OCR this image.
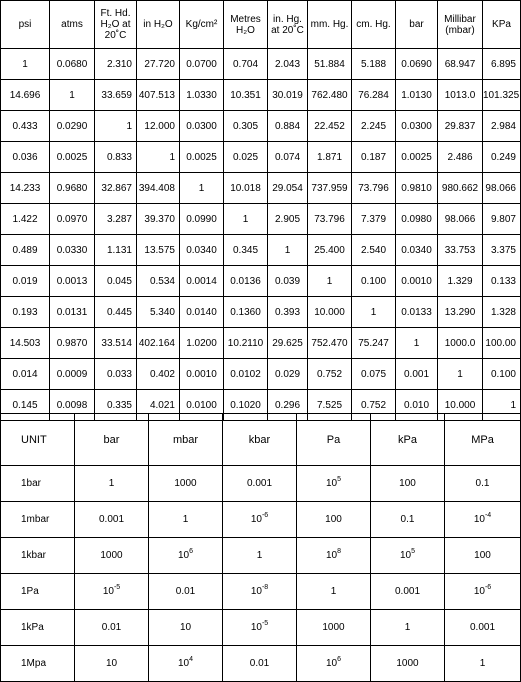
psi	atms	Ft. Hd. H₂O at 20˚C	in H₂O	Kg/cm²	Metres H₂O	in. Hg. at 20˚C	mm. Hg.	cm. Hg.	bar	Millibar (mbar)	KPa
1	0.0680	2.310	27.720	0.0700	0.704	2.043	51.884	5.188	0.0690	68.947	6.895
14.696	1	33.659	407.513	1.0330	10.351	30.019	762.480	76.284	1.0130	1013.0	101.325
0.433	0.0290	1	12.000	0.0300	0.305	0.884	22.452	2.245	0.0300	29.837	2.984
0.036	0.0025	0.833	1	0.0025	0.025	0.074	1.871	0.187	0.0025	2.486	0.249
14.233	0.9680	32.867	394.408	1	10.018	29.054	737.959	73.796	0.9810	980.662	98.066
1.422	0.0970	3.287	39.370	0.0990	1	2.905	73.796	7.379	0.0980	98.066	9.807
0.489	0.0330	1.131	13.575	0.0340	0.345	1	25.400	2.540	0.0340	33.753	3.375
0.019	0.0013	0.045	0.534	0.0014	0.0136	0.039	1	0.100	0.0010	1.329	0.133
0.193	0.0131	0.445	5.340	0.0140	0.1360	0.393	10.000	1	0.0133	13.290	1.328
14.503	0.9870	33.514	402.164	1.0200	10.2110	29.625	752.470	75.247	1	1000.0	100.00
0.014	0.0009	0.033	0.402	0.0010	0.0102	0.029	0.752	0.075	0.001	1	0.100
0.145	0.0098	0.335	4.021	0.0100	0.1020	0.296	7.525	0.752	0.010	10.000	1
UNIT	bar	mbar	kbar	Pa	kPa	MPa
1bar	1	1000	0.001	$10^5$	100	0.1
1mbar	0.001	1	$10^{-6}$	100	0.1	$10^{-4}$
1kbar	1000	$10^6$	1	$10^8$	$10^5$	100
1Pa	$10^{-5}$	0.01	$10^{-8}$	1	0.001	$10^{-6}$
1kPa	0.01	10	$10^{-5}$	1000	1	0.001
1Mpa	10	$10^4$	0.01	$10^6$	1000	1
